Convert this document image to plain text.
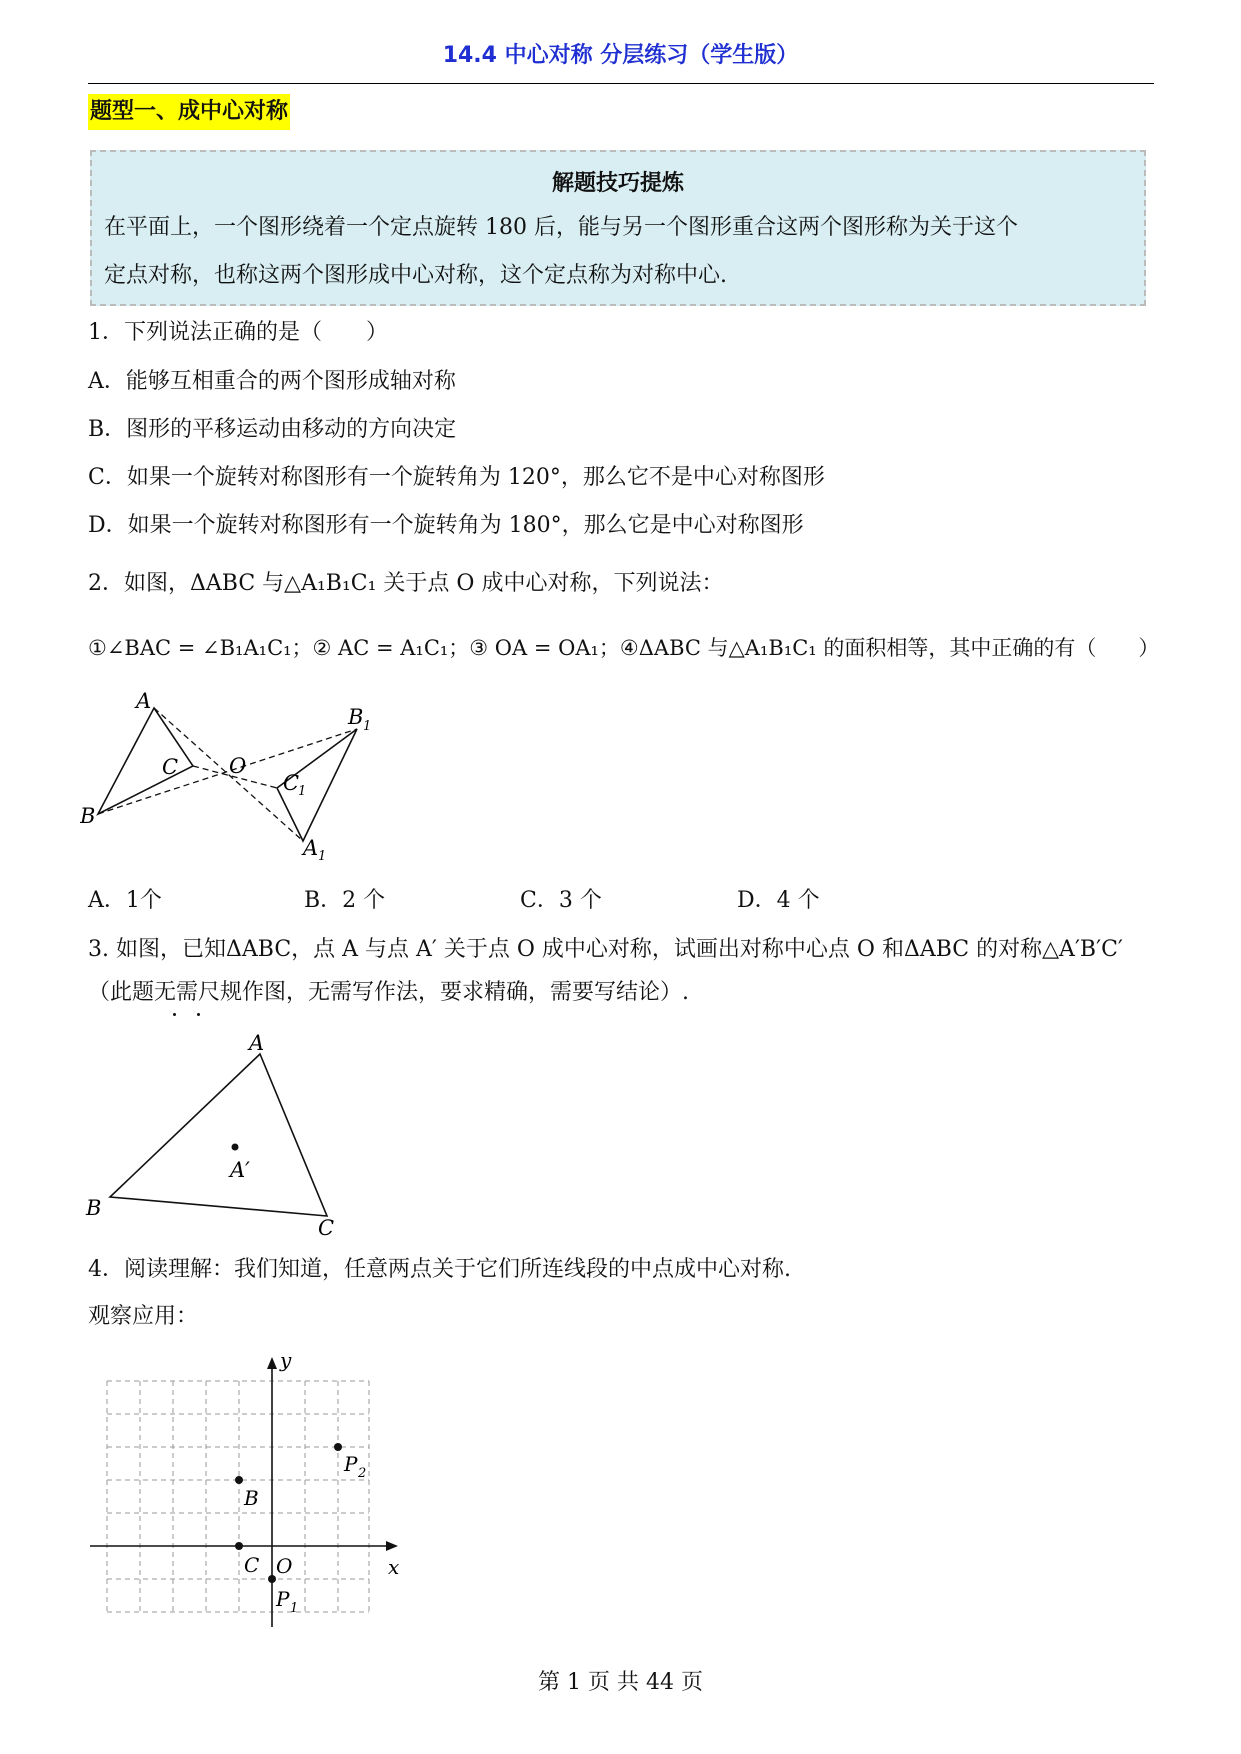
14.4 中心对称 分层练习（学生版）
题型一、成中心对称
解题技巧提炼
在平面上，一个图形绕着一个定点旋转 180 后，能与另一个图形重合这两个图形称为关于这个
定点对称，也称这两个图形成中心对称，这个定点称为对称中心.
1．下列说法正确的是（　　）
A．能够互相重合的两个图形成轴对称
B．图形的平移运动由移动的方向决定
C．如果一个旋转对称图形有一个旋转角为 120°，那么它不是中心对称图形
D．如果一个旋转对称图形有一个旋转角为 180°，那么它是中心对称图形
2．如图，ΔABC 与△A₁B₁C₁ 关于点 O 成中心对称，下列说法：
①∠BAC = ∠B₁A₁C₁；② AC = A₁C₁；③ OA = OA₁；④ΔABC 与△A₁B₁C₁ 的面积相等，其中正确的有（　　）
A
B
C O
B 1
C
1
A 1
A．1个	B．2 个	C．3 个	D．4 个
3. 如图，已知ΔABC，点 A 与点 A′ 关于点 O 成中心对称，试画出对称中心点 O 和ΔABC 的对称△A′B′C′
（此题无需尺规作图，无需写作法，要求精确，需要写结论）.
A
B
C
A′
4．阅读理解：我们知道，任意两点关于它们所连线段的中点成中心对称.
观察应用：
y
x
O
B
C
P 2
P 1
第 1 页 共 44 页
